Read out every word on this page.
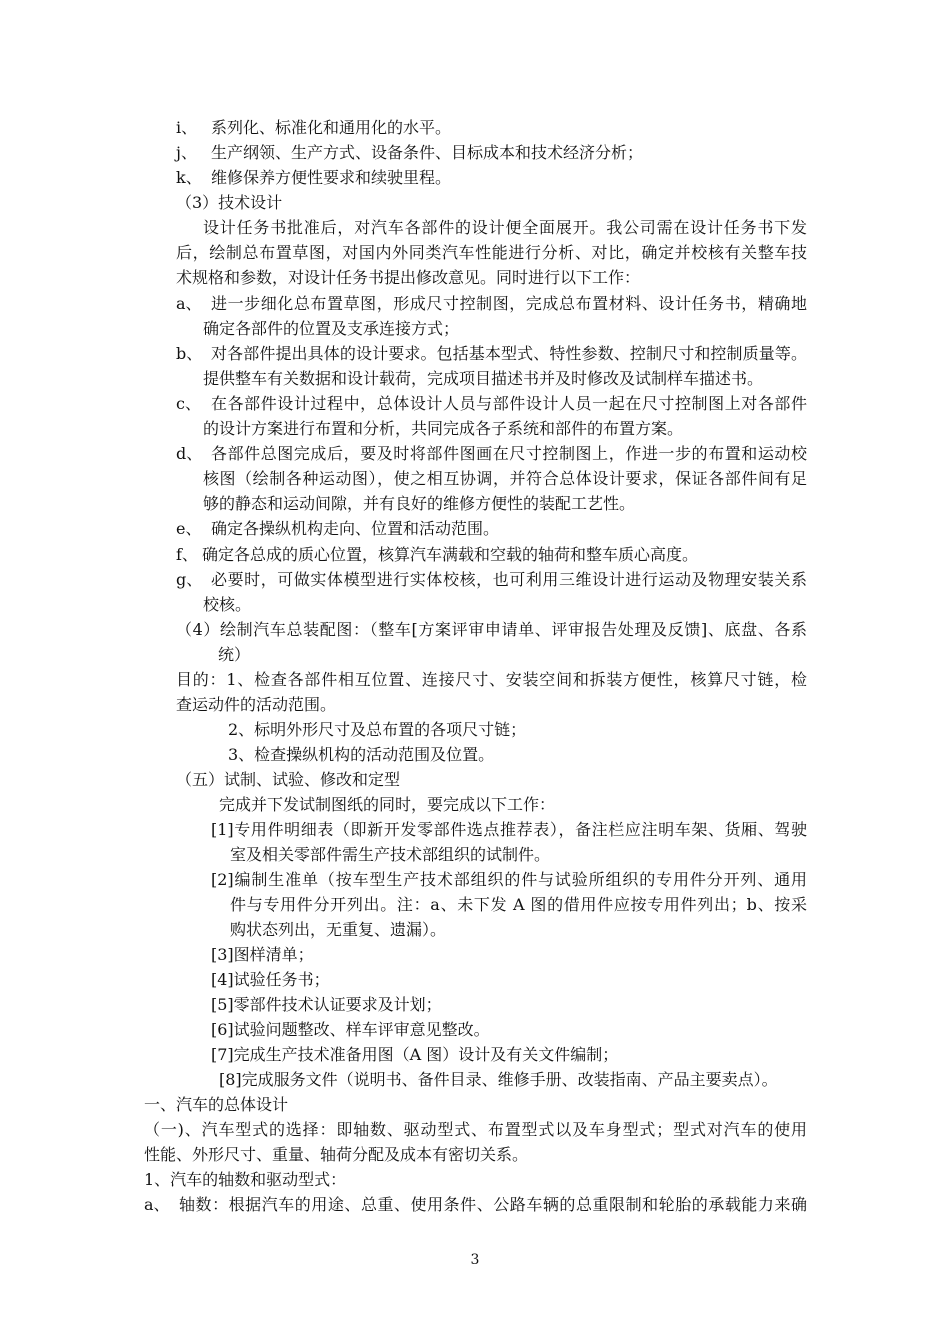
i、 系列化、标准化和通用化的水平。
j、 生产纲领、生产方式、设备条件、目标成本和技术经济分析；
k、 维修保养方便性要求和续驶里程。
（3）技术设计
设计任务书批准后，对汽车各部件的设计便全面展开。我公司需在设计任务书下发
后，绘制总布置草图，对国内外同类汽车性能进行分析、对比，确定并校核有关整车技
术规格和参数，对设计任务书提出修改意见。同时进行以下工作：
a、 进一步细化总布置草图，形成尺寸控制图，完成总布置材料、设计任务书，精确地
确定各部件的位置及支承连接方式；
b、 对各部件提出具体的设计要求。包括基本型式、特性参数、控制尺寸和控制质量等。
提供整车有关数据和设计载荷，完成项目描述书并及时修改及试制样车描述书。
c、 在各部件设计过程中，总体设计人员与部件设计人员一起在尺寸控制图上对各部件
的设计方案进行布置和分析，共同完成各子系统和部件的布置方案。
d、 各部件总图完成后，要及时将部件图画在尺寸控制图上，作进一步的布置和运动校
核图（绘制各种运动图），使之相互协调，并符合总体设计要求，保证各部件间有足
够的静态和运动间隙，并有良好的维修方便性的装配工艺性。
e、 确定各操纵机构走向、位置和活动范围。
f、 确定各总成的质心位置，核算汽车满载和空载的轴荷和整车质心高度。
g、 必要时，可做实体模型进行实体校核，也可利用三维设计进行运动及物理安装关系
校核。
（4）绘制汽车总装配图：（整车[方案评审申请单、评审报告处理及反馈]、底盘、各系
统）
目的：1、检查各部件相互位置、连接尺寸、安装空间和拆装方便性，核算尺寸链，检
查运动件的活动范围。
2、标明外形尺寸及总布置的各项尺寸链；
3、检查操纵机构的活动范围及位置。
（五）试制、试验、修改和定型
完成并下发试制图纸的同时，要完成以下工作：
[1]专用件明细表（即新开发零部件选点推荐表），备注栏应注明车架、货厢、驾驶
室及相关零部件需生产技术部组织的试制件。
[2]编制生准单（按车型生产技术部组织的件与试验所组织的专用件分开列、通用
件与专用件分开列出。注：a、未下发 A 图的借用件应按专用件列出；b、按采
购状态列出，无重复、遗漏）。
[3]图样清单；
[4]试验任务书；
[5]零部件技术认证要求及计划；
[6]试验问题整改、样车评审意见整改。
[7]完成生产技术准备用图（A 图）设计及有关文件编制；
[8]完成服务文件（说明书、备件目录、维修手册、改装指南、产品主要卖点）。
一、汽车的总体设计
（一)、汽车型式的选择：即轴数、驱动型式、布置型式以及车身型式；型式对汽车的使用
性能、外形尺寸、重量、轴荷分配及成本有密切关系。
1、汽车的轴数和驱动型式：
a、 轴数：根据汽车的用途、总重、使用条件、公路车辆的总重限制和轮胎的承载能力来确
3
